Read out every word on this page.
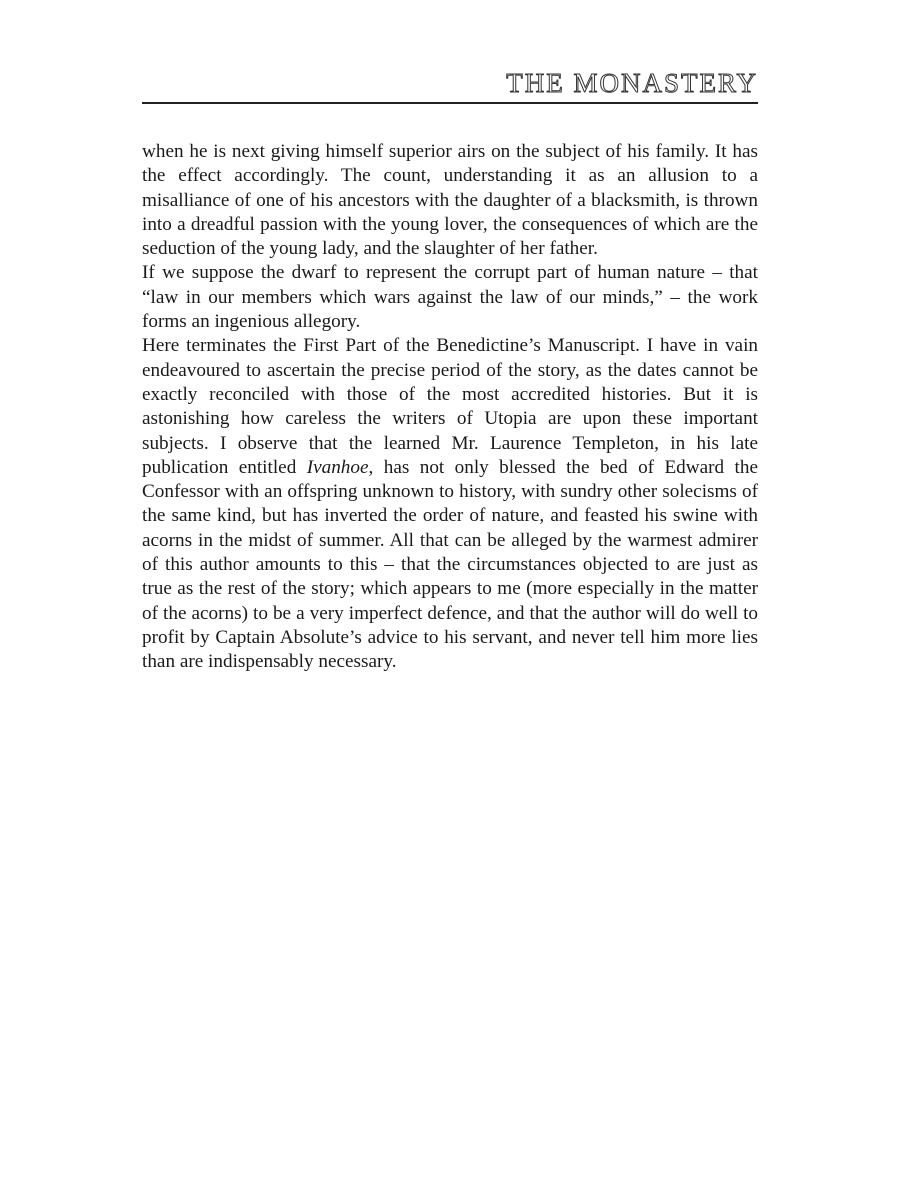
THE MONASTERY

when he is next giving himself superior airs on the subject of his family. It has the effect accordingly. The count, understanding it as an allusion to a misalliance of one of his ancestors with the daughter of a blacksmith, is thrown into a dreadful passion with the young lover, the consequences of which are the seduction of the young lady, and the slaughter of her father.

If we suppose the dwarf to represent the corrupt part of human nature – that “law in our members which wars against the law of our minds,” – the work forms an ingenious allegory.

Here terminates the First Part of the Benedictine’s Manuscript. I have in vain endeavoured to ascertain the precise period of the story, as the dates cannot be exactly reconciled with those of the most accredited histories. But it is astonishing how careless the writers of Utopia are upon these important subjects. I observe that the learned Mr. Laurence Templeton, in his late publication entitled Ivanhoe, has not only blessed the bed of Edward the Confessor with an offspring unknown to history, with sundry other solecisms of the same kind, but has inverted the order of nature, and feasted his swine with acorns in the midst of summer. All that can be alleged by the warmest admirer of this author amounts to this – that the circumstances objected to are just as true as the rest of the story; which appears to me (more especially in the matter of the acorns) to be a very imperfect defence, and that the author will do well to profit by Captain Absolute’s advice to his servant, and never tell him more lies than are indispensably necessary.
